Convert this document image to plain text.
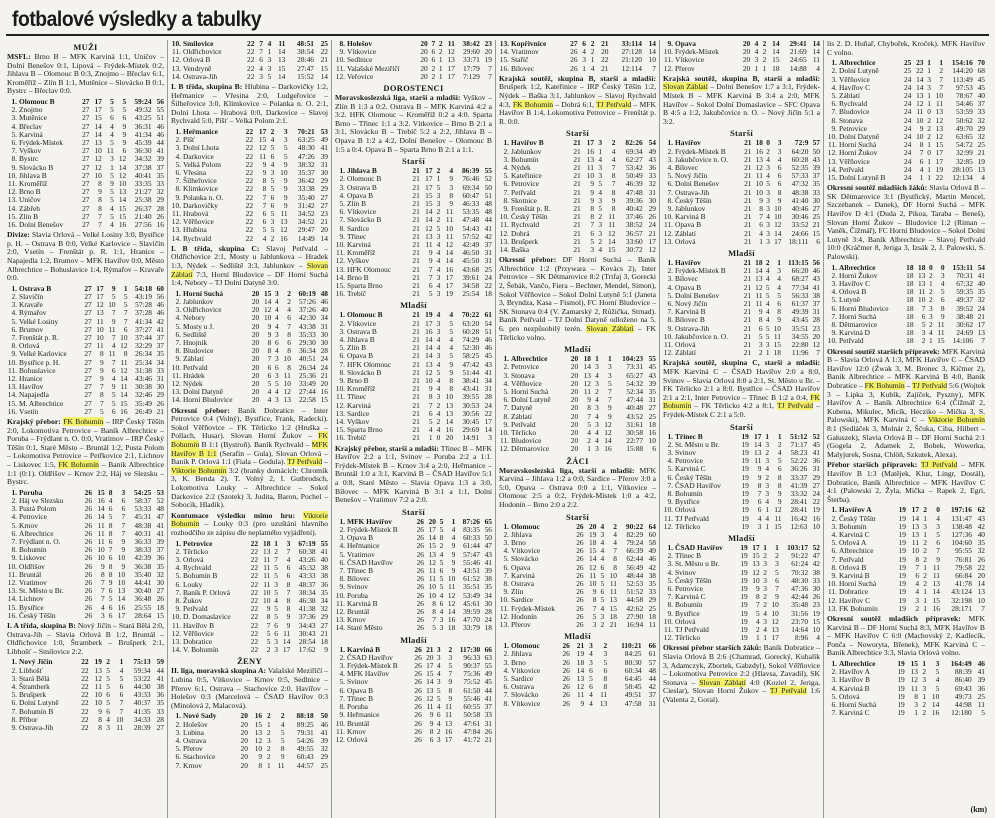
fotbalové výsledky a tabulky
MUŽI
MSFL: Brno B – MFK Karviná 1:1, Uničov – Dolní Benešov 0:1, Lipová – Frýdek-Místek 0:2, Jihlava B – Olomouc B 0:3, Znojmo – Břeclav 6:1, Kroměříž – Zlín B 1:1, Mutěnice – Slovácko B 0:1, Bystrc – Břeclav 0:0.
1.	Olomouc B	27	17	5	5	59:24	56
2.	Znojmo	27	17	5	5	49:32	55
3.	Mutěnice	27	15	6	6	43:25	51
4.	Břeclav	27	14	4	9	36:31	46
5.	Karviná	27	14	4	9	41:34	46
6.	Frýdek-Místek	27	13	5	9	45:39	44
7.	Vyškov	27	10	11	6	36:30	41
8.	Bystrc	27	12	3	12	34:32	39
9.	Slovácko B	27	12	1	14	37:38	37
10.	Jihlava B	27	10	5	12	40:41	35
11.	Kroměříž	27	8	9	10	33:35	33
12.	Brno B	27	9	5	13	21:27	32
13.	Uničov	27	8	5	14	25:38	29
14.	Zábřeh	27	8	4	15	26:37	28
15.	Zlín B	27	7	5	15	21:40	26
16.	Dolní Benešov	27	7	4	16	27:56	16
Divize: Slavia Orlová – Velké Losiny 3:0, Bystřice p. H. – Ostrava B 0:0, Velké Karlovice – Slavičín 2:0, Vsetín – Frenštát p. R. 1:1, Hranice – Napajedla 1:2, Brumov – MFK Havířov 0:0, Město Albrechtice – Bohuslavice 1:4, Rýmařov – Kravaře 0:0.
1.	Ostrava B	27	17	9	1	54:18	60
2.	Slavičín	27	17	5	5	43:19	56
3.	Kravaře	27	12	10	5	57:28	46
4.	Rýmařov	27	13	7	7	37:28	46
5.	Velké Losiny	27	11	9	7	41:34	42
6.	Brumov	27	10	11	6	37:27	41
7.	Frenštát p. R.	27	10	7	10	37:44	37
8.	Orlová	27	11	4	12	32:29	37
9.	Velké Karlovice	27	8	11	8	26:34	35
10.	Bystřice p. H.	27	9	7	11	25:34	34
11.	Bohuslavice	27	9	6	12	31:38	33
12.	Hranice	27	9	4	14	43:46	31
13.	Havířov	27	7	9	11	30:38	30
14.	Napajedla	27	8	5	14	32:46	29
15.	M. Albrechtice	27	7	5	15	35:49	26
16.	Vsetín	27	5	6	16	26:49	21
Krajský přebor: FK Bohumín – IRP Český Těšín 2:0, Lokomotiva Petrovice – Baník Albrechtice – Poruba – Frýdlant n. O. 0:0, Vratimov – IRP Český Těšín 0:1, Staré Město – Bruntál 1:2, Pusta Polom – Lokomotiva Petrovice – Petřkovice 2:1, Lichnov – Liskovec 1:5, FK Bohumín – Baník Albrechtice 1:1 (0:1). Oldřišov – Krnov 2:2, Háj ve Slezsku – Bystrc.
1.	Poruba	26	15	8	3	54:25	53
2.	Háj ve Slezsku	26	16	4	6	58:37	52
3.	Pustá Polom	26	14	6	6	53:33	48
4.	Petrovice	26	14	5	7	45:31	47
5.	Krnov	26	11	8	7	48:38	41
6.	Albrechtice	26	11	8	7	40:31	41
7.	Frýdlant n. O.	26	11	6	9	36:33	39
8.	Bohumín	26	10	7	9	38:33	37
9.	Liskovec	26	10	6	10	42:39	36
10.	Oldřišov	26	9	8	9	36:38	35
11.	Bruntál	26	8	8	10	35:40	32
12.	Vratimov	26	7	9	10	44:41	30
13.	St. Město u Br.	26	7	6	13	30:40	27
14.	Lichnov	26	7	5	14	36:48	26
15.	Bystřice	26	4	6	16	25:55	18
16.	Český Těšín	26	3	6	17	28:64	15
I. A třída, skupina B: Nový Jičín – Stará Bělá 2:0, Ostrava-Jih – Slavia Orlová B 1:2, Bruntál – Oldřichovice 1:0, Štramberk – Brušperk 2:1, Libhošť – Smilovice 2:2.
1.	Nový Jičín	22	19	2	1	75:13	59
2.	Libhošť	22	13	5	4	59:34	44
3.	Stará Bělá	22	12	5	5	53:22	41
4.	Štramberk	22	11	5	6	44:30	38
5.	Brušperk	22	10	6	6	43:33	36
6.	Dolní Lutyně	22	10	5	7	40:37	35
7.	Bohumín B	22	9	6	7	41:35	33
8.	Příbor	22	8	4	10	34:33	28
9.	Ostrava-Jih	22	8	3	11	28:39	27
10.	Smilovice	22	7	4	11	48:51	25
11.	Oldřichovice	22	7	1	14	38:54	22
12.	Orlová B	22	6	3	13	28:46	21
13.	Vendryně	22	4	3	15	27:47	15
14.	Ostrava-Jih	22	3	5	14	15:52	14
I. B třída, skupina B: Hlubina – Darkovičky 1:2, Heřmanice – Vřesina 2:0, Ludgeřovice – Šilheřovice 3:0, Klimkovice – Polanka n. O. 2:1, Dolní Lhota – Hrabová 0:0, Darkovice – Slavoj Rychvald 5:0, Píšť – Velká Polom 2:1.
1.	Heřmanice	22	17	2	3	70:21	53
2.	Píšť	22	15	4	3	63:25	49
3.	Dolní Lhota	22	12	5	5	48:30	41
4.	Darkovice	22	11	6	5	47:26	39
5.	Velká Polom	22	9	4	9	38:32	31
6.	Vřesina	22	9	3	10	35:37	30
7.	Šilheřovice	22	8	5	9	36:42	29
8.	Klimkovice	22	8	5	9	33:38	29
9.	Polanka n. O.	22	7	6	9	35:40	27
10.	Darkovičky	22	7	6	9	31:42	27
11.	Hrabová	22	6	5	11	34:52	23
12.	Věřňovice	22	6	3	13	34:52	21
13.	Hlubina	22	5	5	12	29:47	20
14.	Rychvald	22	4	2	16	14:49	14
I. B třída, skupina C: Slavoj Petřvald – Oldřichovice 2:1, Mosty u Jablunkova – Hradek 1:3, Nýdek – Sedliště 3:3, Jablunkov – Slovan Záblatí 7:3, Horní Bludovice – DF Horní Suchá 1:4, Nebory – TJ Dolní Datyně 3:0.
1.	Horní Suchá	20	15	3	2	60:19	48
2.	Jablunkov	20	14	4	2	57:26	46
3.	Oldřichovice	20	12	4	4	37:26	40
4.	Nebory	20	10	4	6	42:30	34
5.	Mosty u J.	20	9	4	7	43:38	31
6.	Sedliště	20	9	3	8	35:33	30
7.	Hnojník	20	8	6	6	29:30	30
8.	Bludovice	20	8	4	8	36:34	28
9.	Záblatí	20	7	3	10	40:51	24
10.	Petřvald	20	6	6	8	26:34	24
11.	Hrádek	20	6	3	11	25:36	21
12.	Nýdek	20	5	5	10	33:49	20
13.	Dolní Datyně	20	4	4	12	27:44	16
14.	Horní Bludovice	20	4	3	13	22:58	15
Okresní přebor: Baník Dobratice – Inter Petrovice 0:4 (Volný), Bystřice, Frank, Radecki). Sokol Věřňovice – FK Těrlicko 1:2 (Hruška – Pollach, Husar). Slovan Horní Žukov – FK Bohumín B 1:1 (Bystroň). Baník Rychvald – MFK Havířov B 1:1 (Serafin – Gula), Slovan Orlová – Baník P. Orlová 1:1 (Fiala – Godula). TJ Petřvald – Viktorie Bohumín 3:2 (branky domácích: Chromík 3, K. Benda 2). T. Volný 2, I. Gutbrodsch, Lokomotiva Louky – Albrechtice – Sokol Darkovice 2:2 (Szotek) 3, Judita, Baron, Pochel – Sobocik, Hladik).
Kontumace výsledku mimo hru: Viktorie Bohumín – Louky 0:3 (pro uzuštání hlavního rozhodčího ze zápisu dle neplatného vyjádření).
1.	Petrovice	22	18	1	3	67:19	55
2.	Těrlicko	22	13	2	7	60:38	41
3.	Orlová	22	11	7	4	43:26	40
4.	Rychvald	22	11	5	6	45:32	38
5.	Bohumín B	22	11	5	6	43:33	38
6.	Louky	22	11	3	8	48:37	36
7.	Baník P. Orlová	22	10	5	7	38:34	35
8.	Žukov	22	10	4	8	46:38	34
9.	Petřvald	22	9	5	8	41:38	32
10.	D. Domaslavice	22	8	5	9	37:36	29
11.	Havířov B	22	7	6	9	34:43	27
12.	Věřňovice	22	5	6	11	30:43	21
13.	Dobratice	22	5	3	14	28:54	18
14.	V. Bohumín	22	2	3	17	17:62	9
ŽENY
II. liga, moravská skupina A: Valašské Meziříčí – Lubina 0:5, Vítkovice – Krnov 0:5, Sedlnice – Přerov 6:1, Ostrava – Stachovice 2:0. Havířov – Holešov 0:3 (Marcelová – ČSAD Havířov 0:3 (Minolová 2, Malacová).
1.	Nové Sady	20	16	2	2	88:18	50
2.	Holešov	20	15	1	4	89:25	46
3.	Lubina	20	13	2	5	79:31	41
4.	Ostrava	20	12	3	5	54:26	39
5.	Přerov	20	10	2	8	49:55	32
6.	Stachovice	20	9	2	9	60:43	29
7.	Krnov	20	8	1	11	44:57	25
8.	Holešov	20	7	2	11	38:42	23
9.	Vítkovice	20	6	2	12	29:60	20
10.	Sedlnice	20	6	1	13	33:71	19
11.	Valašské Meziříčí	20	2	1	17	17:79	7
12.	Veřovice	20	2	1	17	7:129	7
DOROSTENCI
Moravskoslezská liga, starší a mladší: Vyškov – Zlín B 1:3 a 0:2. Ostrava B – MFK Karviná 4:2 a 3:2. HFK Olomouc – Kroměříž 0:2 a 4:0. Sparta Brno – Třinec 1:1 a 3:2. Vítkovice – Brno B 2:1 a 3:1, Slovácko B – Trebíč 5:2 a 2:2, Jihlava B – Opava B 1:2 a 4:2, Dolní Benešov – Olomouc B 1:5 a 0:4. Opava B – Sparta Brno B 2:1 a 1:1.
Starší
1.	Jihlava B	21	17	2	4	86:39	55
2.	Olomouc B	21	17	1	9	76:46	52
3.	Ostrava B	21	17	5	3	69:34	50
4.	Opava B	21	15	3	8	60:47	51
5.	Zlín B	21	15	3	9	46:33	48
6.	Vítkovice	21	14	2	11	53:35	48
7.	Slovácko B	21	14	2	11	47:48	44
8.	Sardice	21	12	5	10	54:43	41
9.	Třinec	21	13	3	11	57:52	42
10.	Karviná	21	11	4	12	42:49	37
11.	Kroměříž	21	9	4	14	46:50	31
12.	Vyškov	21	9	4	14	45:50	31
13.	HFK Olomouc	21	7	4	16	43:68	25
14.	Brno B	21	7	3	17	39:61	24
15.	Sparta Brno	21	6	4	17	34:58	22
16.	Trebíč	21	5	3	19	25:54	18
Mladší
1.	Olomouc B	21	19	4	4	70:22	61
2.	Vítkovice	21	17	3	5	63:20	54
3.	Ostrava B	21	16	3	5	60:28	51
4.	Jihlava B	21	14	4	4	74:29	46
5.	Zlín B	21	14	4	4	52:30	46
6.	Opava B	21	14	3	5	58:25	45
7.	HFK Olomouc	21	13	4	9	47:42	43
8.	Slovácko B	21	12	5	9	51:44	41
9.	Brno B	21	10	4	8	38:41	34
10.	Kroměříž	21	9	4	8	43:41	31
11.	Třinec	21	8	3	10	39:55	28
12.	Karviná	21	7	2	13	30:53	24
13.	Sardice	21	6	4	13	30:56	22
14.	Vyškov	21	5	2	14	30:45	17
15.	Sparta Brno	21	4	4	16	29:69	14
16.	Trebíč	21	1	0	20	14:91	3
Krajský přebor, starší a mladší: Třinec B – MFK Havířov 2:2 a 1:1, Svinov – Poruba 2:2 a 1:1. Frýdek-Místek B – Krnov 3:4 a 2:0, Heřmanice – Bruntál 1:0 a 3:1, Karviná B – ČSAD Havířov 5:1 a 0:8, Staré Město – Slavia Opava 1:3 a 3:0, Bílovec – MFK Karviná B 3:1 a 1:1, Dolní Benešov – Vratimov 7:2 a 2:0.
Starší
1.	MFK Havířov	26	20	5	1	87:26	65
2.	Frýdek-Místek B	26	17	5	4	83:35	56
3.	Opava B	26	14	8	4	60:33	50
4.	Heřmanice	26	15	2	9	61:44	47
5.	Vratimov	26	13	4	9	57:47	43
6.	ČSAD Havířov	26	12	5	9	55:46	41
7.	Třinec B	26	11	6	9	43:51	39
8.	Bílovec	26	11	5	10	61:52	38
9.	Svinov	26	10	5	11	35:51	35
10.	Poruba	26	10	4	12	53:49	34
11.	Karviná B	26	8	6	12	45:61	30
12.	Bruntál	26	8	4	14	39:59	28
13.	Krnov	26	7	3	16	47:70	24
14.	Staré Město	26	5	3	18	33:79	18
Mladší
1.	Karviná B	26	21	3	2	117:30	66
2.	ČSAD Havířov	26	20	3	3	96:33	63
3.	Frýdek-Místek B	26	17	4	5	90:37	55
4.	MFK Havířov	26	15	4	7	75:36	49
5.	Svinov	26	14	3	9	75:52	45
6.	Opava B	26	13	5	8	61:50	44
7.	Třinec B	26	12	5	9	55:46	41
8.	Poruba	26	11	4	11	60:55	37
9.	Heřmanice	26	9	6	11	50:58	33
10.	Bruntál	26	9	4	13	47:61	31
11.	Krnov	26	8	2	16	47:84	26
12.	Orlová	26	6	3	17	41:72	21
13.	Kopřivnice	27	6	2	21	33:114	14
14.	Vratimov	26	4	2	20	27:128	14
15.	Staříč	26	3	1	22	21:120	10
16.	Bílovec	26	1	4	21	12:114	7
Krajská soutěž, skupina B, starší a mladší: Brušperk 1:2, Kateřinice – IRP Český Těšín 1:2, Nýdek – Baška 3:1, Jablunkov – Slavoj Rychvald 4:3, FK Bohumín – Dobrá 6:1, TJ Petřvald – MFK Havířov B 1:4, Lokomotiva Petrovice – Frenštát p. R. 0:0.
Starší
1.	Havířov B	21	17	3	2	82:26	54
2.	Jablunkov	21	16	1	4	69:34	49
3.	Bohumín	21	13	4	4	62:27	43
4.	Nýdek	21	11	3	7	53:42	36
5.	Kateřinice	21	10	3	8	50:49	33
6.	Petrovice	21	9	5	7	46:39	32
7.	Petřvald	21	9	4	8	47:48	31
8.	Skotnice	21	9	3	9	39:36	30
9.	Frenštát p. R.	21	8	5	8	40:42	29
10.	Český Těšín	21	8	2	11	37:46	26
11.	Rychvald	21	7	3	11	38:52	24
12.	Dobrá	21	6	3	12	36:57	21
13.	Brušperk	21	5	2	14	33:60	17
14.	Baška	21	3	4	15	30:72	12
Okresní přebor: DF Horní Suchá – Baník Albrechtice 1:2 (Przywara – Kovács 2), Inter Petrovice – SK Dětmarovice 8:2 (Trifaj 3, Gorecki 2, Šebák, Vančo, Fiera – Bechner, Mendel, Simon), Sokol Věřňovice – Sokol Dolní Lutyně 5:1 (Janeta 3, Bryndza, Kasa – Fismol), FC Horní Bludovice – SK Stonava 0:4 (V. Zamarský 2, Růžička, Strnad). Baník Petřvald – TJ Dolní Datyně odloženo na 5. 6. pro nezpůsobilý terén. Slovan Záblatí – FK Těrlicko volno.
Mladší
1.	Albrechtice	20	18	1	1	104:23	55
2.	Petrovice	20	14	3	3	73:31	45
3.	Stonava	20	13	4	3	65:27	43
4.	Věřňovice	20	12	3	5	54:32	39
5.	Horní Suchá	20	11	2	7	52:34	35
6.	Dolní Lutyně	20	9	4	7	47:44	31
7.	Datyně	20	8	3	9	40:48	27
8.	Záblatí	20	7	4	9	43:52	25
9.	Petřvald	20	5	3	12	31:61	18
10.	Těrlicko	20	4	4	12	30:58	16
11.	Bludovice	20	2	4	14	22:77	10
12.	Dětmarovice	20	1	3	16	15:88	6
ŽÁCI
Moravskoslezská liga, starší a mladší: MFK Karviná – Jihlava 1:2 a 0:0, Sardice – Přerov 3:0 a 5:0, Opava – Ostrava 0:0 a 1:1, Vítkovice – Olomouc 2:5 a 0:2, Frýdek-Místek 1:0 a 4:2, Hodonín – Brno 2:0 a 2:2.
Starší
1.	Olomouc	26	20	4	2	90:22	64
2.	Jihlava	26	19	3	4	82:29	60
3.	Brno	26	18	4	4	79:24	58
4.	Vítkovice	26	15	4	7	66:39	49
5.	Slovácko	26	14	4	8	62:44	46
6.	Opava	26	12	6	8	56:49	42
7.	Karviná	26	11	5	10	48:44	38
8.	Ostrava	26	10	5	11	52:53	35
9.	Zlín	26	9	6	11	51:52	33
10.	Sardice	26	8	5	13	44:58	29
11.	Frýdek-Místek	26	7	4	15	42:62	25
12.	Hodonín	26	5	3	18	27:90	18
13.	Přerov	26	3	2	21	16:94	11
Mladší
1.	Olomouc	26	21	3	2	110:21	66
2.	Jihlava	26	19	4	3	84:25	61
3.	Brno	26	18	3	5	80:30	57
4.	Vítkovice	26	14	6	6	60:34	48
5.	Sardice	26	13	5	8	64:45	44
6.	Ostrava	26	12	6	8	58:45	42
7.	Slovácko	26	11	4	11	49:51	37
8.	Vítkovice	26	9	4	13	47:58	31
9.	Opava	20	4	2	14	29:41	14
10.	Frýdek-Místek	20	4	2	14	21:69	14
11.	Vítkovice	20	3	2	15	24:65	11
12.	Přerov	20	1	1	18	14:88	4
Krajská soutěž, skupina B, starší a mladší: Slovan Záblatí – Dolní Benešov 1:7 a 3:1, Frýdek-Místek B – MFK Karviná B 3:4 a 2:0, MFK Havířov – Sokol Dolní Domaslavice – SFC Opava B 4:5 a 1:2, Jakubčovice n. O. – Nový Jičín 5:1 a 3:2.
Starší
1.	Havířov	21	18	0	3	72:9	57
2.	Frýdek-Místek B	21	16	2	3	64:20	50
3.	Jakubčovice n. O.	21	13	4	4	60:28	43
4.	Bílovec	21	12	3	6	52:35	39
5.	Nový Jičín	21	11	4	6	57:33	37
6.	Dolní Benešov	21	10	5	6	47:32	35
7.	Ostrava-Jih	21	10	3	8	48:38	33
8.	Český Těšín	21	9	3	9	41:40	30
9.	Jablunkov	21	8	3	10	40:46	27
10.	Karviná B	21	7	4	10	30:46	25
11.	Opava B	21	6	3	12	33:52	21
12.	Záblatí	21	4	3	14	24:66	15
13.	Orlová	21	1	3	17	18:111	6
Mladší
1.	Havířov	21	18	2	1	113:15	56
2.	Frýdek-Místek B	21	14	4	3	66:20	46
3.	Bílovec	21	13	4	4	68:27	43
4.	Opava B	21	12	5	4	77:34	41
5.	Dolní Benešov	21	11	5	5	56:33	38
6.	Nový Jičín	21	11	4	6	61:37	37
7.	Karviná B	21	9	4	8	49:39	31
8.	Bílovec B	21	8	4	9	43:45	28
9.	Ostrava-Jih	21	6	5	10	35:51	23
10.	Jakubčovice n. O.	21	5	5	11	34:55	20
11.	Orlová	21	3	3	15	22:80	12
12.	Záblatí	21	2	1	18	11:96	7
Krajská soutěž, skupina C, starší a mladší: MFK Karviná C – ČSAD Havířov 2:0 a 8:0, Svinov – Slavia Orlová 8:0 a 2:1, St. Město u Br. – FK Těrlicko 2:1 a 8:0. Bystřice – ČSAD Havířov 2:1 a 2:1, Inter Petrovice – Třinec B 1:2 a 0:4, FK Bohumín – FK Těrlicko 4:2 a 8:1, TJ Petřvald – Frýdek-Místek C 2:1 a 5:0.
Starší
1.	Třinec B	19	17	1	1	51:12	52
2.	St. Město u Br.	19	14	3	2	71:17	45
3.	Svinov	19	13	2	4	58:23	41
4.	Petrovice	19	11	3	5	52:22	36
5.	Karviná C	19	9	4	6	36:26	31
6.	Český Těšín	19	9	2	8	33:37	29
7.	ČSAD Havířov	19	8	3	8	41:39	27
8.	Bohumín	19	7	3	9	33:32	24
9.	Bystřice	19	6	4	9	28:41	22
10.	Orlová	19	6	1	12	28:41	19
11.	TJ Petřvald	19	4	4	11	16:42	16
12.	Těrlicko	19	3	1	15	12:63	10
Mladší
1.	ČSAD Havířov	19	17	1	1	103:17	52
2.	Třinec B	19	15	2	2	91:22	47
3.	St. Město u Br.	19	13	3	3	61:24	42
4.	Svinov	19	12	2	5	70:32	38
5.	Český Těšín	19	10	3	6	48:30	33
6.	Petrovice	19	9	3	7	47:36	30
7.	Karviná C	19	8	2	9	42:44	26
8.	Bohumín	19	7	2	10	35:48	23
9.	Bystřice	19	5	4	10	31:56	19
10.	Orlová	19	4	3	12	23:70	15
11.	TJ Petřvald	19	2	4	13	14:64	10
12.	Těrlicko	19	1	1	17	8:96	4
Okresní přebor starších žáků: Baník Dobratice – Slavia Orlová B 2:6 (Chamrad, Gorecký, Kubalík 3, Adamczyk, Zbortek, Gabzdyl), Sokol Věřňovice – Lokomotiva Petrovice 2:2 (Hlavsa, Zavadil), SK Stonava – Slovan Záblatí 4:0 (Kozieł 2, Jeriga, Cieslar), Slovan Horní Žukov – TJ Petřvald 1:6 (Valenta 2, Goral).
lis 2. D. Huňař, Chybořek, Kroček). MFK Havířov C volno.
1.	Albrechtice	25	23	1	1	154:16	70
2.	Dolní Lutyně	25	22	1	2	144:20	68
3.	Věřňovice	24	14	3	7	113:49	45
4.	Havířov C	24	14	3	7	97:53	45
5.	Záblatí	24	13	1	10	78:67	40
6.	Rychvald	24	12	1	11	54:46	37
7.	Bludovice	24	11	0	13	53:59	33
8.	Stonava	24	10	2	12	50:62	32
9.	Petrovice	24	9	2	13	49:70	29
10.	Dolní Datyně	24	10	2	12	63:65	32
11.	Horní Suchá	24	8	1	15	54:72	25
12.	Horní Žukov	24	7	0	17	32:99	21
13.	Věřňovice	24	6	1	17	32:85	19
14.	Petřvald	24	4	1	19	28:105	13
15.	Dolní Lutyně B	24	1	1	22	12:134	4
Okresní soutěž mladších žáků: Slavia Orlová B – SK Dětmarovice 3:1 (Bystřický, Martin Mencel, Szczebanek – Danek), DF Horní Suchá – MFK Havířov D 4:1 (Duda 2, Pikoa, Taraba – Beneš), Slovan Horní Žukov – Bludovice 1:2 (Riman – Vaněk, Čížmář), FC Horní Bludovice – Sokol Dolní Lutyně 3:4, Baník Albrechtice – Slavoj Petřvald 10:0 (Kráčmer 8, Jeriga 3, Izsák 2, J. Palowski, S. Palowski).
1.	Albrechtice	18	18	0	0	153:11	54
2.	Horní Žukov	18	13	2	3	70:31	41
3.	Havířov C	18	13	1	4	67:32	40
4.	Orlová B	18	11	2	5	59:35	35
5.	Lutyně	18	10	2	6	49:37	32
6.	Horní Bludovice	18	7	3	8	39:52	24
7.	Horní Suchá	18	6	3	9	38:48	21
8.	Dětmarovice	18	5	2	11	30:62	17
9.	Karviná D	18	3	4	11	24:69	13
10.	Petřvald	18	2	1	15	14:106	7
Okresní soutěž starších přípravek: MFK Karviná B – Slavia Orlová A 1:3, MFK Havířov C – ČSAD Havířov 12:0 (Źwak 3, M. Bronec 3, Kičmer 2), Baník Albrechtice – MFK Karviná B 4:0, Baník Dobratice – FK Bohumín – TJ Petřvald 5:6 (Wojtek 3 – Lipka 3, Kubík, Zajíček, Pyszny), MFK Havířov A – Baník Albrechtice 6:4 (Čížmář 2, Kubena, Mikulec, Micík, Hecziko – Mička 3, S. Palowski), MFK Karviná C – Viktorie Bohumín 8:1 (Sedláček 3, Molnár 2, Ščuka, Ciba, Hilbert – Gałuszek), Slavia Orlová B – DF Horní Suchá 2:1 (Gogela 2, Adamek 2, Bobek, Wowerka, Malyjurek, Sosna, Chlöň, Szkutek, Alexa).
Přebor starších přípravek: TJ Petřvald – MFK Havířov B 1:3 (Matějek, Kluz, Lingr, Dostál), Dobratice, Baník Albrechtice – MFK Havířov C 4:1 (Palowski 2, Žyla, Mička – Rapek 2, Egri, Šterba).
1.	Havířov A	19	17	2	0	197:16	62
2.	Český Těšín	19	14	1	4	131:47	43
3.	Bohumín	19	13	3	3	138:48	42
4.	Karviná C	19	13	1	5	127:36	40
5.	Orlová A	19	11	2	6	104:60	35
6.	Albrechtice	19	10	2	7	95:55	32
7.	Petřvald	19	8	2	9	76:81	26
8.	Orlová B	19	7	1	11	79:58	22
9.	Karviná B	19	6	2	11	66:84	20
10.	Horní Suchá	19	4	2	13	41:78	14
11.	Dobratice	19	4	1	14	43:124	13
12.	Havířov C	19	3	1	15	32:198	10
13.	FK Bohumín	19	2	1	16	28:171	7
Okresní soutěž mladších přípravek: MFK Karviná B – DF Horní Suchá 8:3, MFK Havířov B – MFK Havířov C 6:0 (Machovský 2, Kadlecík, Ponča – Noworyta, Břenek), MFK Karviná C – Baník Albrechtice 3:3, Slavia Orlová volno.
1.	Albrechtice	19	15	1	3	164:49	46
2.	Havířov A	19	13	2	5	88:39	41
3.	Havířov B	19	12	3	4	86:40	39
4.	Karviná B	19	11	3	5	69:43	36
5.	Orlová	19	8	1	10	49:73	25
6.	Horní Suchá	19	3	2	14	44:98	11
7.	Karviná C	19	1	2	16	12:180	5
(km)
